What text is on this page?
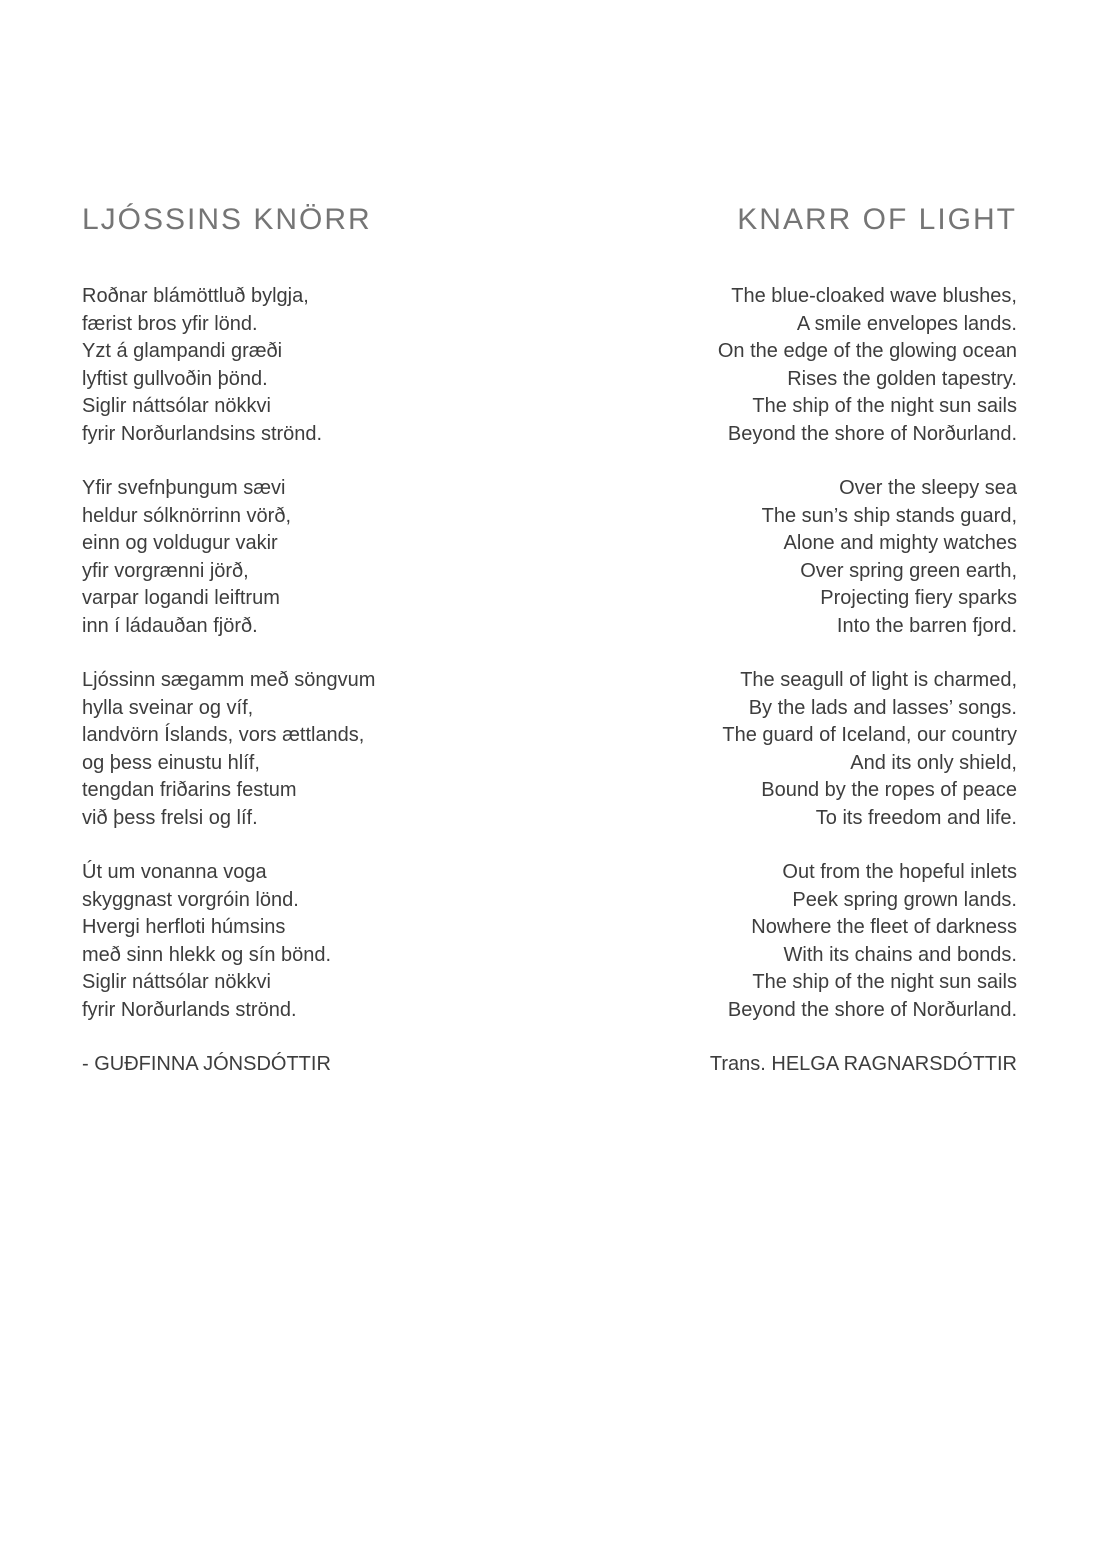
LJÓSSINS KNÖRR
Roðnar blámöttluð bylgja,
færist bros yfir lönd.
Yzt á glampandi græði
lyftist gullvoðin þönd.
Siglir náttsólar nökkvi
fyrir Norðurlandsins strönd.
Yfir svefnþungum sævi
heldur sólknörrinn vörð,
einn og voldugur vakir
yfir vorgrænni jörð,
varpar logandi leiftrum
inn í ládauðan fjörð.
Ljóssinn sægamm með söngvum
hylla sveinar og víf,
landvörn Íslands, vors ættlands,
og þess einustu hlíf,
tengdan friðarins festum
við þess frelsi og líf.
Út um vonanna voga
skyggnast vorgróin lönd.
Hvergi herfloti húmsins
með sinn hlekk og sín bönd.
Siglir náttsólar nökkvi
fyrir Norðurlands strönd.
- GUÐFINNA JÓNSDÓTTIR
KNARR OF LIGHT
The blue-cloaked wave blushes,
A smile envelopes lands.
On the edge of the glowing ocean
Rises the golden tapestry.
The ship of the night sun sails
Beyond the shore of Norðurland.
Over the sleepy sea
The sun’s ship stands guard,
Alone and mighty watches
Over spring green earth,
Projecting fiery sparks
Into the barren fjord.
The seagull of light is charmed,
By the lads and lasses’ songs.
The guard of Iceland, our country
And its only shield,
Bound by the ropes of peace
To its freedom and life.
Out from the hopeful inlets
Peek spring grown lands.
Nowhere the fleet of darkness
With its chains and bonds.
The ship of the night sun sails
Beyond the shore of Norðurland.
Trans. HELGA RAGNARSDÓTTIR
